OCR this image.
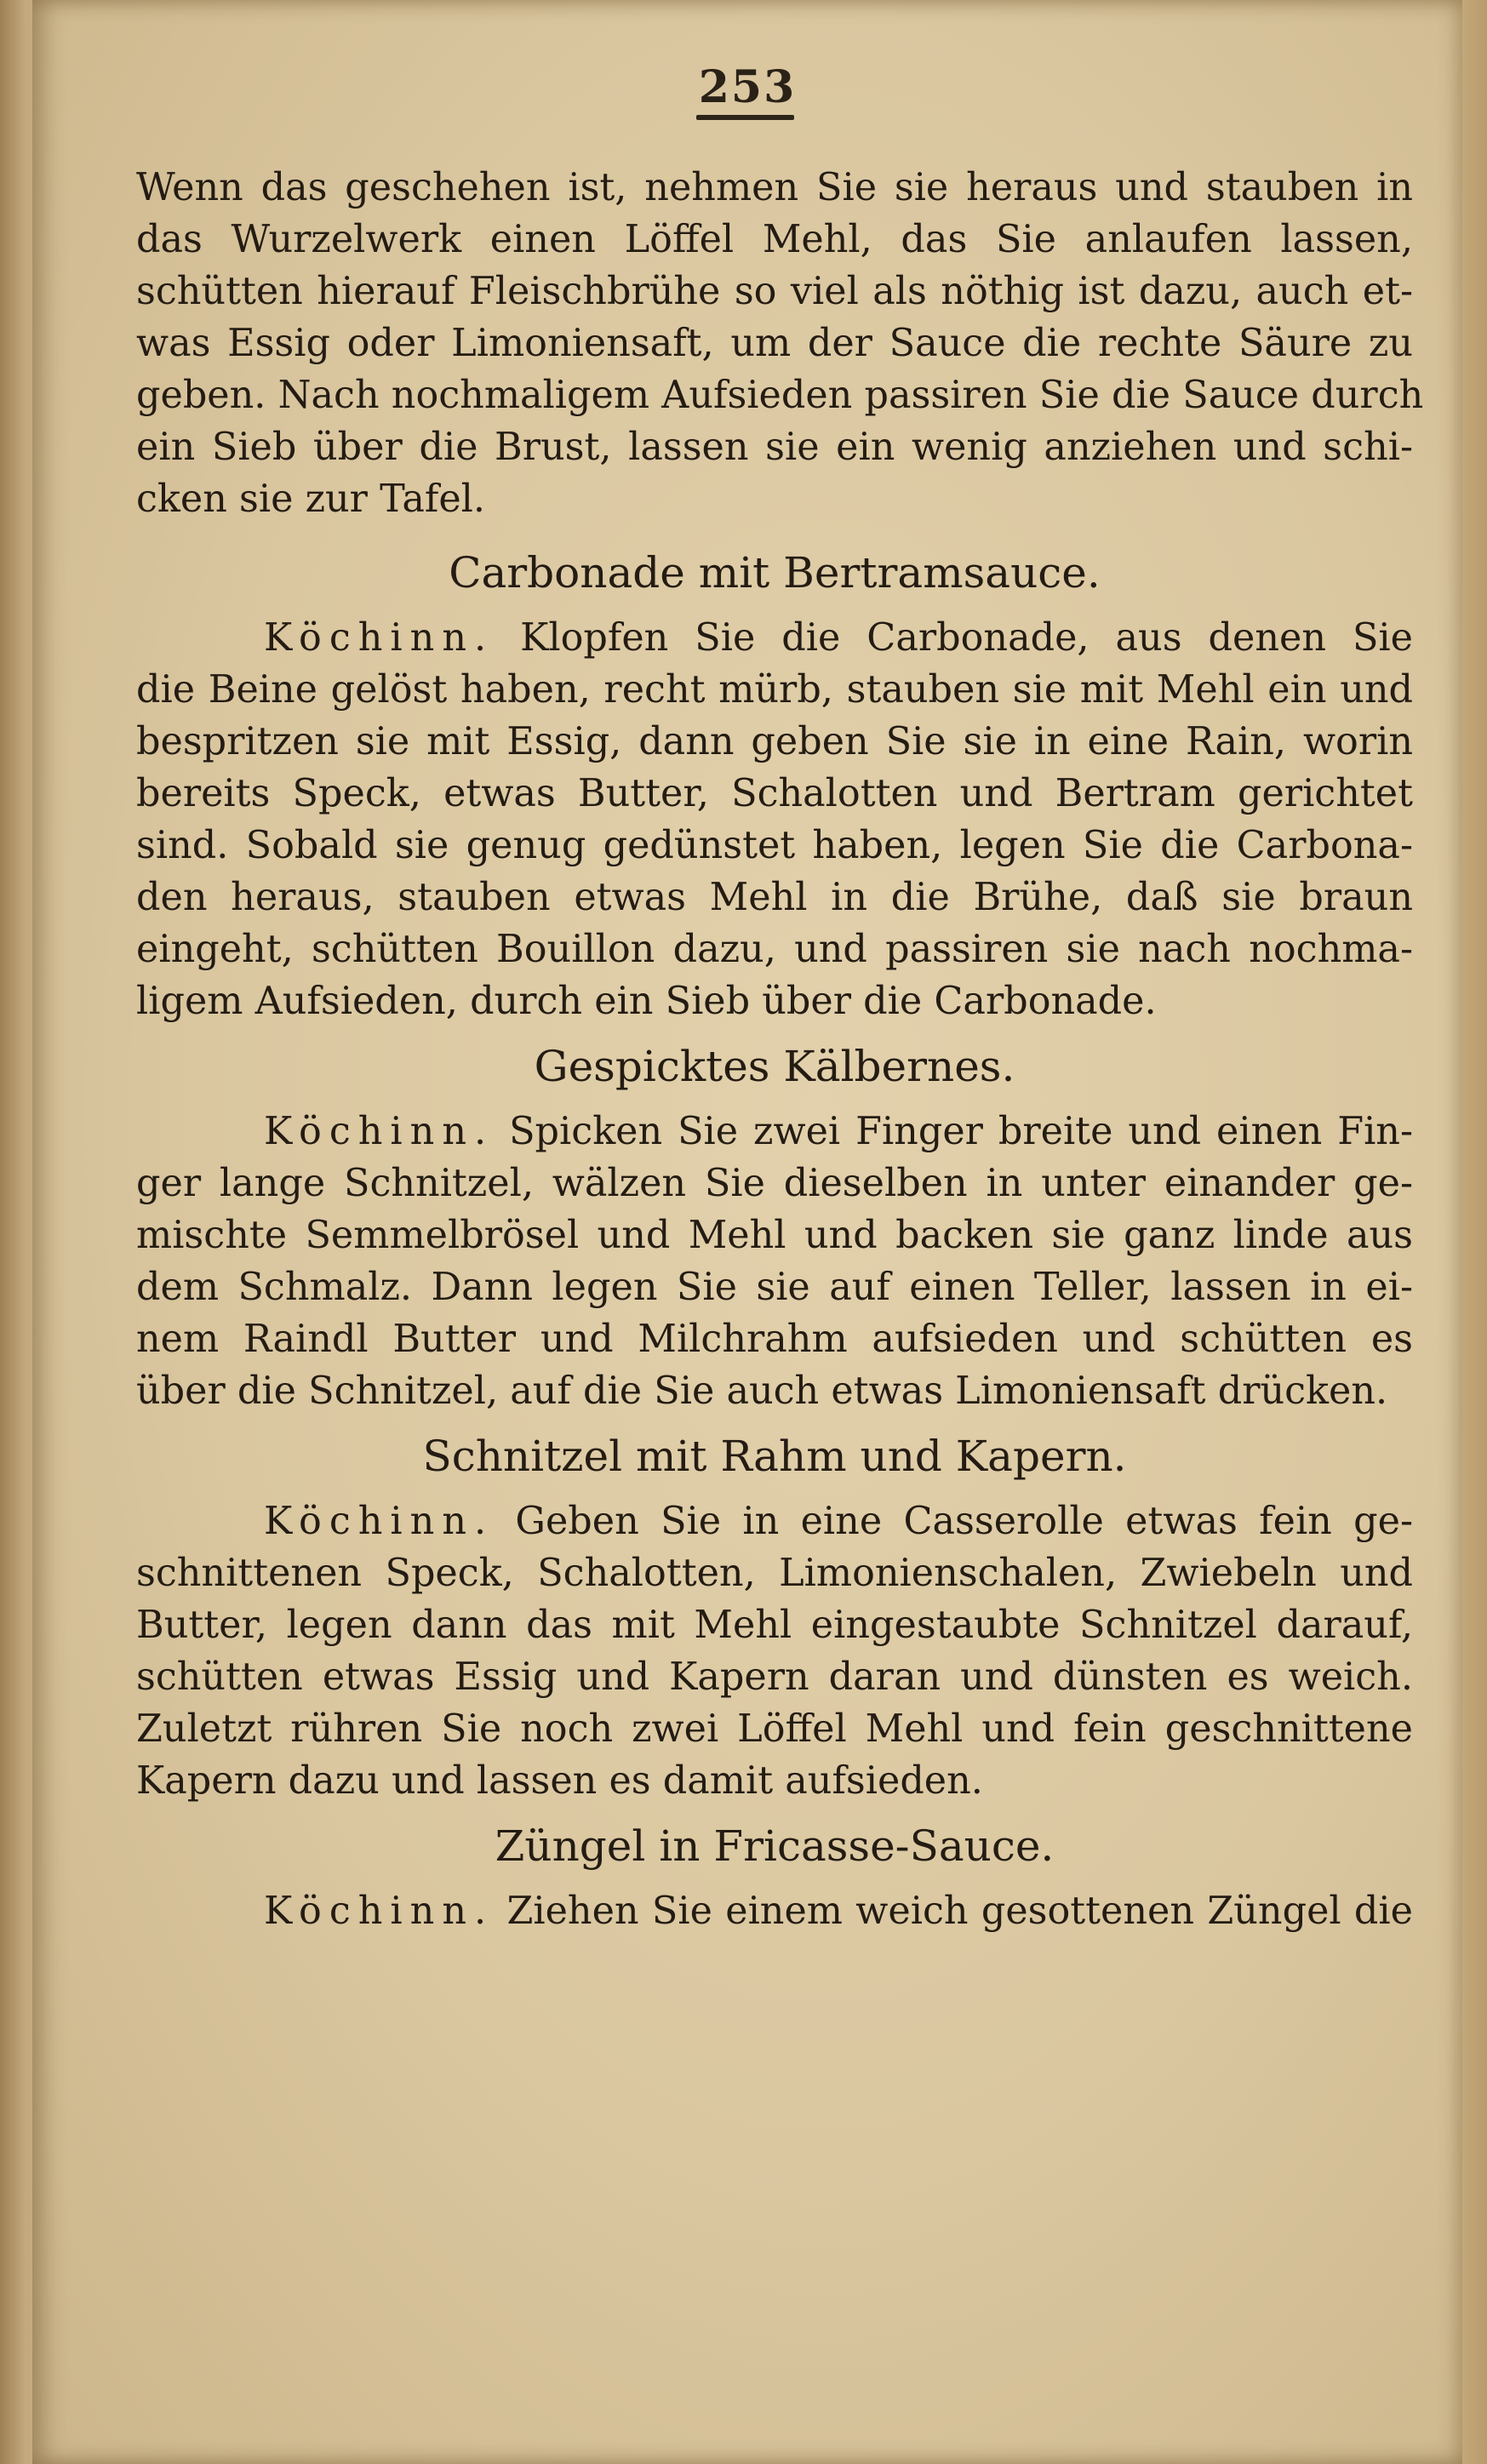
253
Wenn das geschehen ist, nehmen Sie sie heraus und stauben in
das Wurzelwerk einen Löffel Mehl, das Sie anlaufen lassen,
schütten hierauf Fleischbrühe so viel als nöthig ist dazu, auch et-
was Essig oder Limoniensaft, um der Sauce die rechte Säure zu
geben. Nach nochmaligem Aufsieden passiren Sie die Sauce durch
ein Sieb über die Brust, lassen sie ein wenig anziehen und schi-
cken sie zur Tafel.
Carbonade mit Bertramsauce.
Köchinn. Klopfen Sie die Carbonade, aus denen Sie
die Beine gelöst haben, recht mürb, stauben sie mit Mehl ein und
bespritzen sie mit Essig, dann geben Sie sie in eine Rain, worin
bereits Speck, etwas Butter, Schalotten und Bertram gerichtet
sind. Sobald sie genug gedünstet haben, legen Sie die Carbona-
den heraus, stauben etwas Mehl in die Brühe, daß sie braun
eingeht, schütten Bouillon dazu, und passiren sie nach nochma-
ligem Aufsieden, durch ein Sieb über die Carbonade.
Gespicktes Kälbernes.
Köchinn. Spicken Sie zwei Finger breite und einen Fin-
ger lange Schnitzel, wälzen Sie dieselben in unter einander ge-
mischte Semmelbrösel und Mehl und backen sie ganz linde aus
dem Schmalz. Dann legen Sie sie auf einen Teller, lassen in ei-
nem Raindl Butter und Milchrahm aufsieden und schütten es
über die Schnitzel, auf die Sie auch etwas Limoniensaft drücken.
Schnitzel mit Rahm und Kapern.
Köchinn. Geben Sie in eine Casserolle etwas fein ge-
schnittenen Speck, Schalotten, Limonienschalen, Zwiebeln und
Butter, legen dann das mit Mehl eingestaubte Schnitzel darauf,
schütten etwas Essig und Kapern daran und dünsten es weich.
Zuletzt rühren Sie noch zwei Löffel Mehl und fein geschnittene
Kapern dazu und lassen es damit aufsieden.
Züngel in Fricasse-Sauce.
Köchinn. Ziehen Sie einem weich gesottenen Züngel die
